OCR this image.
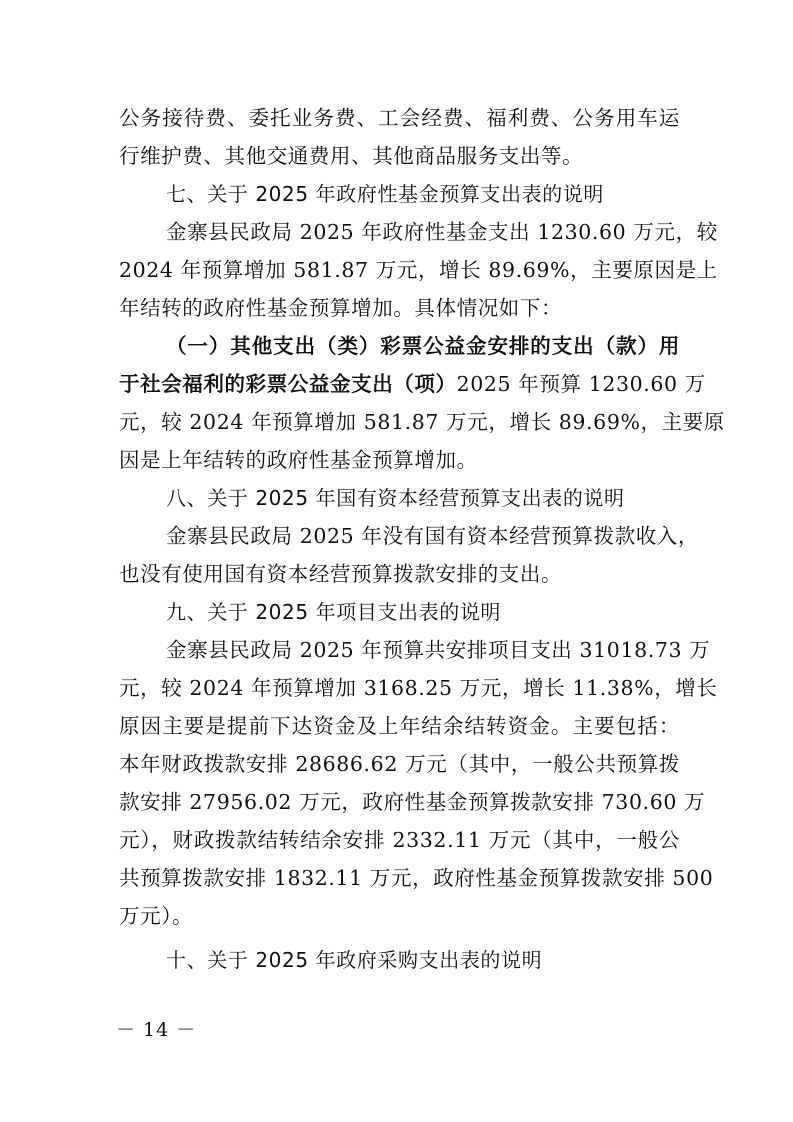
公务接待费、委托业务费、工会经费、福利费、公务用车运
行维护费、其他交通费用、其他商品服务支出等。
七、关于 2025 年政府性基金预算支出表的说明
金寨县民政局 2025 年政府性基金支出 1230.60 万元，较
2024 年预算增加 581.87 万元，增长 89.69%，主要原因是上
年结转的政府性基金预算增加。具体情况如下：
（一）其他支出（类）彩票公益金安排的支出（款）用
于社会福利的彩票公益金支出（项） 2025 年预算 1230.60 万
元，较 2024 年预算增加 581.87 万元，增长 89.69%，主要原
因是上年结转的政府性基金预算增加。
八、关于 2025 年国有资本经营预算支出表的说明
金寨县民政局 2025 年没有国有资本经营预算拨款收入，
也没有使用国有资本经营预算拨款安排的支出。
九、关于 2025 年项目支出表的说明
金寨县民政局 2025 年预算共安排项目支出 31018.73 万
元，较 2024 年预算增加 3168.25 万元，增长 11.38%，增长
原因主要是提前下达资金及上年结余结转资金。主要包括：
本年财政拨款安排 28686.62 万元（其中，一般公共预算拨
款安排 27956.02 万元，政府性基金预算拨款安排 730.60 万
元），财政拨款结转结余安排 2332.11 万元（其中，一般公
共预算拨款安排 1832.11 万元，政府性基金预算拨款安排 500
万元）。
十、关于 2025 年政府采购支出表的说明
－ 14 －
